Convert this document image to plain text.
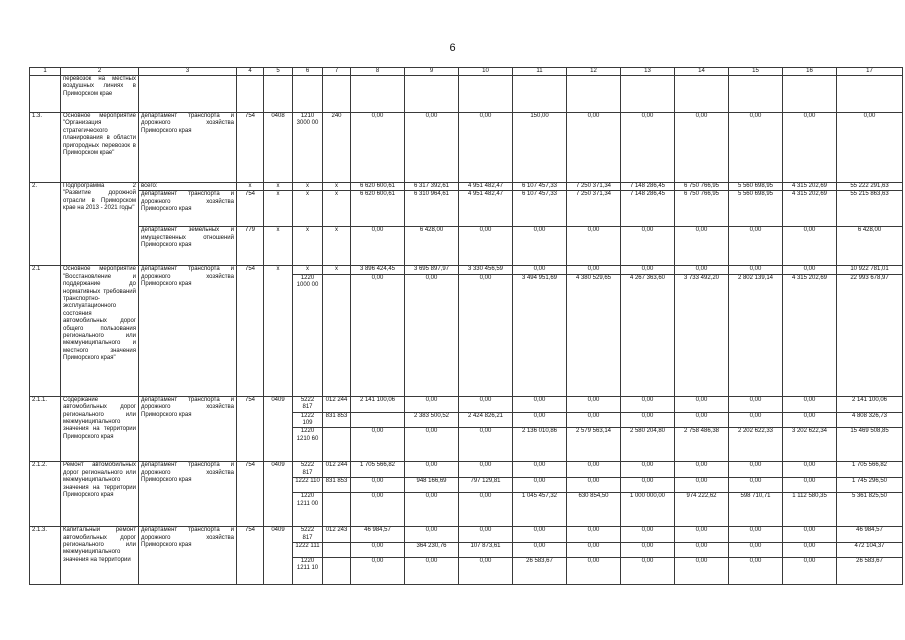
6
1	2	3	4	5	6	7	8	9	10	11	12	13	14	15	16	17
	перевозок на местных воздушных линиях в Приморском крае															
1.3.	Основное мероприятие "Организация стратегического планирования в области пригородных перевозок в Приморском крае"	департамент транспорта и дорожного хозяйства Приморского края	754	0408	1210 3000 00	240	0,00	0,00	0,00	150,00	0,00	0,00	0,00	0,00	0,00	0,00
2.	Подпрограмма 2 "Развитие дорожной отрасли в Приморском крае на 2013 - 2021 годы"	всего:	x	x	x	x	6 620 600,61	6 317 392,61	4 951 482,47	6 107 457,33	7 250 371,34	7 148 286,45	6 750 766,95	5 560 698,95	4 315 202,69	55 222 291,63
		департамент транспорта и дорожного хозяйства Приморского края	754	x	x	x	6 620 600,61	6 310 964,61	4 951 482,47	6 107 457,33	7 250 371,34	7 148 286,45	6 750 766,95	5 560 698,95	4 315 202,69	55 215 863,63
		департамент земельных и имущественных отношений Приморского края	779	x	x	x	0,00	6 428,00	0,00	0,00	0,00	0,00	0,00	0,00	0,00	6 428,00
2.1	Основное мероприятие "Восстановление и поддержание до нормативных требований транспортно-эксплуатационного состояния автомобильных дорог общего пользования регионального или межмуниципального и местного значения Приморского края"	департамент транспорта и дорожного хозяйства Приморского края	754	x	x	x	3 896 424,45	3 695 897,97	3 330 456,59	0,00	0,00	0,00	0,00	0,00	0,00	10 922 781,01
					1220 1000 00		0,00	0,00	0,00	3 494 951,69	4 380 529,65	4 267 363,60	3 733 492,20	2 802 139,14	4 315 202,69	22 993 678,97
2.1.1.	Содержание автомобильных дорог регионального или межмуниципального значения на территории Приморского края	департамент транспорта и дорожного хозяйства Приморского края	754	0409	5222 817	012 244	2 141 100,06	0,00	0,00	0,00	0,00	0,00	0,00	0,00	0,00	2 141 100,06
					1222 109	831 853		2 383 500,52	2 424 826,21	0,00	0,00	0,00	0,00	0,00	0,00	4 808 326,73
					1220 1210 60		0,00	0,00	0,00	2 136 010,86	2 579 563,14	2 580 204,80	2 758 486,38	2 202 622,33	3 202 622,34	15 469 508,85
2.1.2.	Ремонт автомобильных дорог регионального или межмуниципального значения на территории Приморского края	департамент транспорта и дорожного хозяйства Приморского края	754	0409	5222 817	012 244	1 705 566,82	0,00	0,00	0,00	0,00	0,00	0,00	0,00	0,00	1 705 566,82
					1222 110	831 853	0,00	948 166,69	797 129,81	0,00	0,00	0,00	0,00	0,00	0,00	1 745 296,50
					1220 1211 00		0,00	0,00	0,00	1 045 457,32	630 854,50	1 000 000,00	974 222,62	598 710,71	1 112 580,35	5 361 825,50
2.1.3.	Капитальный ремонт автомобильных дорог регионального или межмуниципального значения на территории	департамент транспорта и дорожного хозяйства Приморского края	754	0409	5222 817	012 243	46 984,57	0,00	0,00	0,00	0,00	0,00	0,00	0,00	0,00	46 984,57
					1222 111		0,00	364 230,76	107 873,61	0,00	0,00	0,00	0,00	0,00	0,00	472 104,37
					1220 1211 10		0,00	0,00	0,00	26 583,67	0,00	0,00	0,00	0,00	0,00	26 583,67
